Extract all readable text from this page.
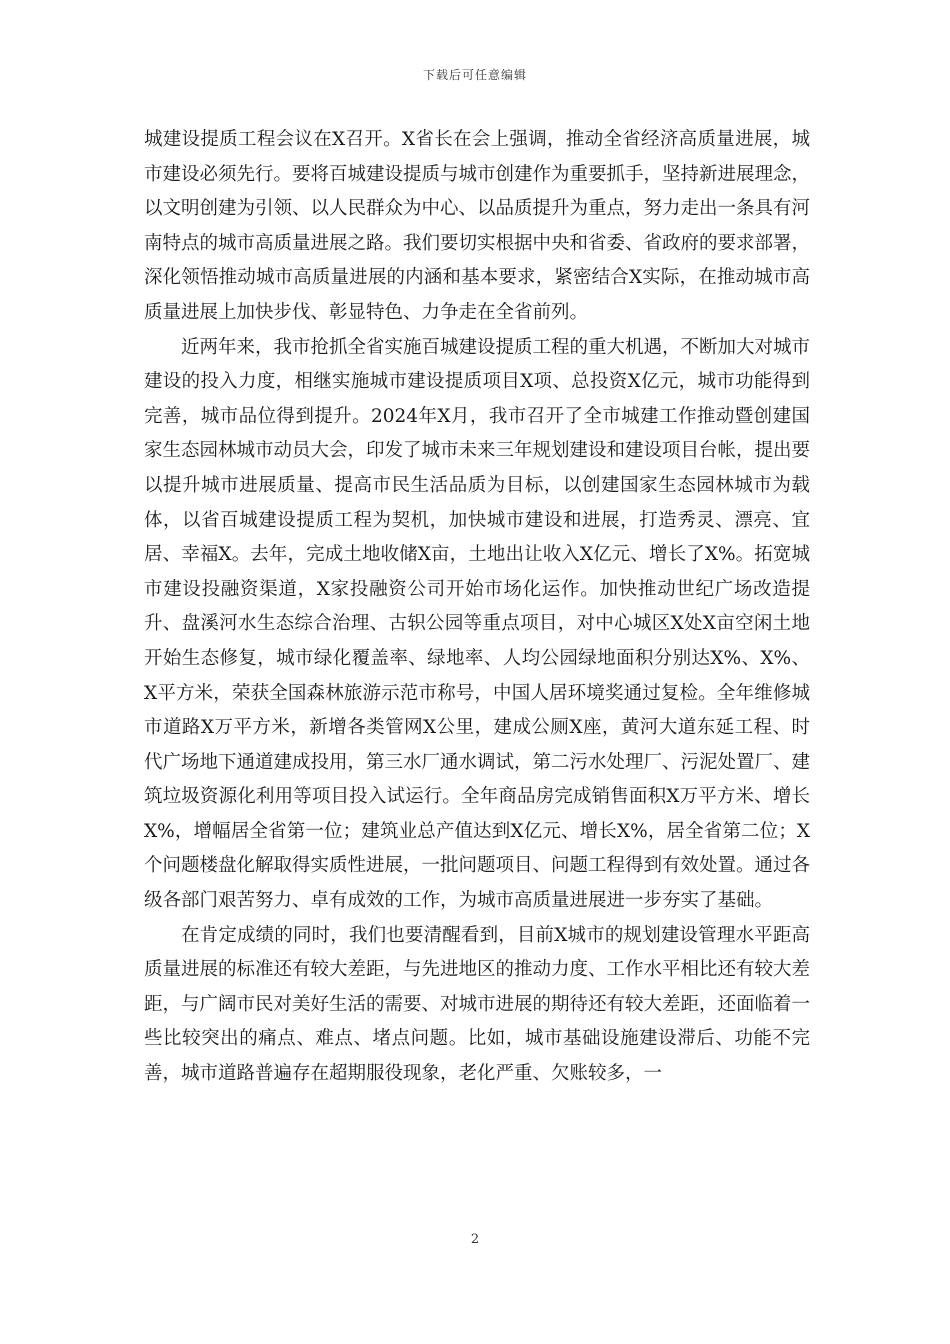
下载后可任意编辑

城建设提质工程会议在X召开。X省长在会上强调，推动全省经济高质量进展，城市建设必须先行。要将百城建设提质与城市创建作为重要抓手，坚持新进展理念，以文明创建为引领、以人民群众为中心、以品质提升为重点，努力走出一条具有河南特点的城市高质量进展之路。我们要切实根据中央和省委、省政府的要求部署，深化领悟推动城市高质量进展的内涵和基本要求，紧密结合X实际，在推动城市高质量进展上加快步伐、彰显特色、力争走在全省前列。

近两年来，我市抢抓全省实施百城建设提质工程的重大机遇，不断加大对城市建设的投入力度，相继实施城市建设提质项目X项、总投资X亿元，城市功能得到完善，城市品位得到提升。2024年X月，我市召开了全市城建工作推动暨创建国家生态园林城市动员大会，印发了城市未来三年规划建设和建设项目台帐，提出要以提升城市进展质量、提高市民生活品质为目标，以创建国家生态园林城市为载体，以省百城建设提质工程为契机，加快城市建设和进展，打造秀灵、漂亮、宜居、幸福X。去年，完成土地收储X亩，土地出让收入X亿元、增长了X%。拓宽城市建设投融资渠道，X家投融资公司开始市场化运作。加快推动世纪广场改造提升、盘溪河水生态综合治理、古轵公园等重点项目，对中心城区X处X亩空闲土地开始生态修复，城市绿化覆盖率、绿地率、人均公园绿地面积分别达X%、X%、X平方米，荣获全国森林旅游示范市称号，中国人居环境奖通过复检。全年维修城市道路X万平方米，新增各类管网X公里，建成公厕X座，黄河大道东延工程、时代广场地下通道建成投用，第三水厂通水调试，第二污水处理厂、污泥处置厂、建筑垃圾资源化利用等项目投入试运行。全年商品房完成销售面积X万平方米、增长X%，增幅居全省第一位；建筑业总产值达到X亿元、增长X%，居全省第二位；X个问题楼盘化解取得实质性进展，一批问题项目、问题工程得到有效处置。通过各级各部门艰苦努力、卓有成效的工作，为城市高质量进展进一步夯实了基础。

在肯定成绩的同时，我们也要清醒看到，目前X城市的规划建设管理水平距高质量进展的标准还有较大差距，与先进地区的推动力度、工作水平相比还有较大差距，与广阔市民对美好生活的需要、对城市进展的期待还有较大差距，还面临着一些比较突出的痛点、难点、堵点问题。比如，城市基础设施建设滞后、功能不完善，城市道路普遍存在超期服役现象，老化严重、欠账较多，一

2
